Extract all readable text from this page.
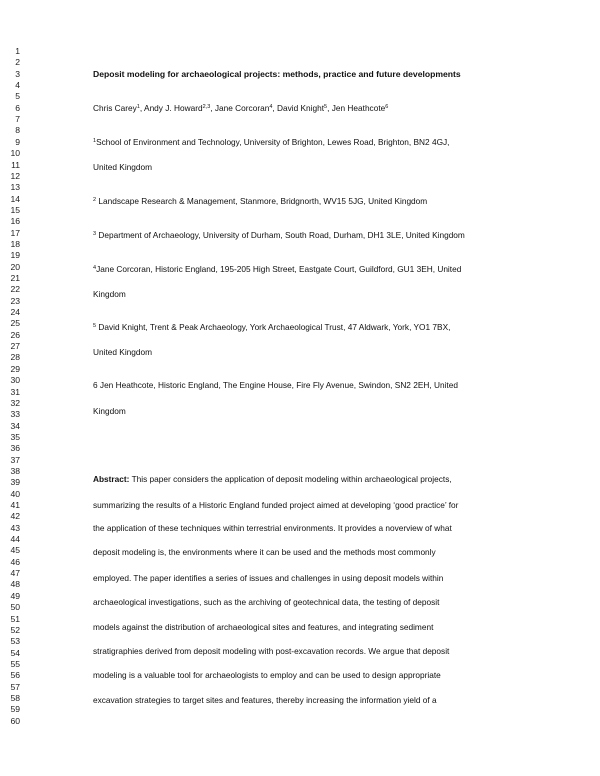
1
2
3
4
5
6
7
8
9
10
11
12
13
14
15
16
17
18
19
20
21
22
23
24
25
26
27
28
29
30
31
32
33
34
35
36
37
38
39
40
41
42
43
44
45
46
47
48
49
50
51
52
53
54
55
56
57
58
59
60
Deposit modeling for archaeological projects: methods, practice and future developments
Chris Carey$^1$, Andy J. Howard$^{2,3}$, Jane Corcoran$^4$, David Knight$^5$, Jen Heathcote$^6$
$^1$School of Environment and Technology, University of Brighton, Lewes Road, Brighton, BN2 4GJ,
United Kingdom
$^2$ Landscape Research & Management, Stanmore, Bridgnorth, WV15 5JG, United Kingdom
$^3$ Department of Archaeology, University of Durham, South Road, Durham, DH1 3LE, United Kingdom
$^4$Jane Corcoran, Historic England, 195-205 High Street, Eastgate Court, Guildford, GU1 3EH, United
Kingdom
$^5$ David Knight, Trent & Peak Archaeology, York Archaeological Trust, 47 Aldwark, York, YO1 7BX,
United Kingdom
6 Jen Heathcote, Historic England, The Engine House, Fire Fly Avenue, Swindon, SN2 2EH, United
Kingdom
Abstract: This paper considers the application of deposit modeling within archaeological projects,
summarizing the results of a Historic England funded project aimed at developing ‘good practice’ for
the application of these techniques within terrestrial environments. It provides a noverview of what
deposit modeling is, the environments where it can be used and the methods most commonly
employed. The paper identifies a series of issues and challenges in using deposit models within
archaeological investigations, such as the archiving of geotechnical data, the testing of deposit
models against the distribution of archaeological sites and features, and integrating sediment
stratigraphies derived from deposit modeling with post-excavation records. We argue that deposit
modeling is a valuable tool for archaeologists to employ and can be used to design appropriate
excavation strategies to target sites and features, thereby increasing the information yield of a
